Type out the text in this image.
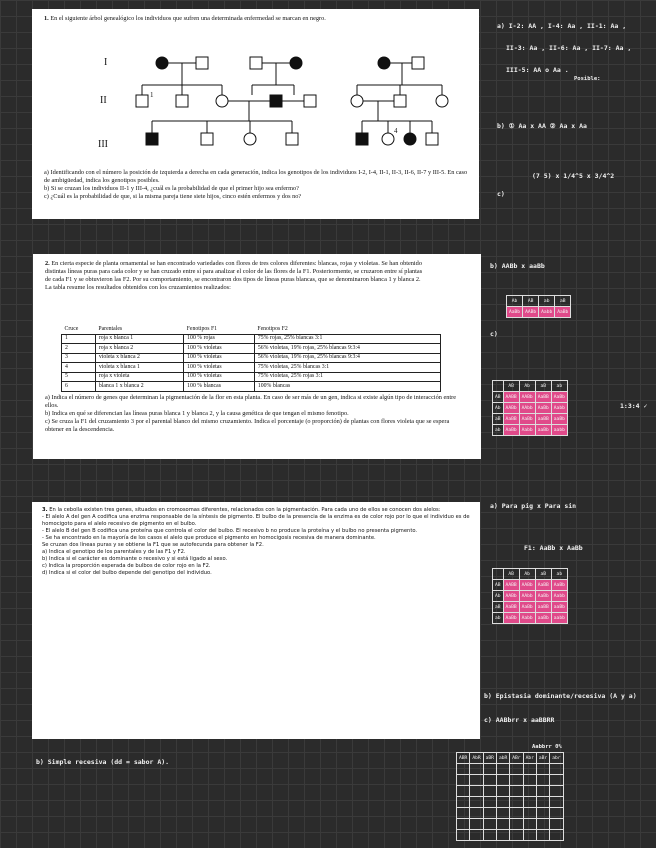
1. En el siguiente árbol genealógico los individuos que sufren una determinada enfermedad se marcan en negro.

I
II
III
1
4

a) Identificando con el número la posición de izquierda a derecha en cada generación, indica los genotipos de los individuos I-2, I-4, II-1, II-3, II-6, II-7 y III-5. En caso de ambigüedad, indica los genotipos posibles.

b) Si se cruzan los individuos II-1 y III-4, ¿cuál es la probabilidad de que el primer hijo sea enfermo?

c) ¿Cuál es la probabilidad de que, si la misma pareja tiene siete hijos, cinco estén enfermos y dos no?

2. En cierta especie de planta ornamental se han encontrado variedades con flores de tres colores diferentes: blancas, rojas y violetas. Se han obtenido distintas líneas puras para cada color y se han cruzado entre sí para analizar el color de las flores de la F1. Posteriormente, se cruzaron entre sí plantas de cada F1 y se obtuvieron las F2. Por su comportamiento, se encontraron dos tipos de líneas puras blancas, que se denominaron blanca 1 y blanca 2. La tabla resume los resultados obtenidos con los cruzamientos realizados:

Cruce	Parentales	Fenotipos F1	Fenotipos F2
1	roja x blanca 1	100 % rojas	75% rojas, 25% blancas 3:1
2	roja x blanca 2	100 % violetas	56% violetas, 19% rojas, 25% blancas 9:3:4
3	violeta x blanca 2	100 % violetas	56% violetas, 19% rojas, 25% blancas 9:3:4
4	violeta x blanca 1	100 % violetas	75% violetas, 25% blancas 3:1
5	roja x violeta	100 % violetas	75% violetas, 25% rojas 3:1
6	blanca 1 x blanca 2	100 % blancas	100% blancas

a) Indica el número de genes que determinan la pigmentación de la flor en esta planta. En caso de ser más de un gen, indica si existe algún tipo de interacción entre ellos.

b) Indica en qué se diferencian las líneas puras blanca 1 y blanca 2, y la causa genética de que tengan el mismo fenotipo.

c) Se cruza la F1 del cruzamiento 3 por el parental blanco del mismo cruzamiento. Indica el porcentaje (o proporción) de plantas con flores violeta que se espera obtener en la descendencia.

3. En la cebolla existen tres genes, situados en cromosomas diferentes, relacionados con la pigmentación. Para cada uno de ellos se conocen dos alelos:

- El alelo A del gen A codifica una enzima responsable de la síntesis de pigmento. El bulbo de la presencia de la enzima es de color rojo por lo que el individuo es de homocigoto para el alelo recesivo de pigmento en el bulbo.

- El alelo B del gen B codifica una proteína que controla el color del bulbo. El recesivo b no produce la proteína y el bulbo no presenta pigmento.

- Se ha encontrado en la mayoría de los casos el alelo que produce el pigmento en homocigosis recesiva de manera dominante.

Se cruzan dos líneas puras y se obtiene la F1 que se autofecunda para obtener la F2.

a) Indica el genotipo de los parentales y de las F1 y F2.

b) Indica si el carácter es dominante o recesivo y si está ligado al sexo.

c) Indica la proporción esperada de bulbos de color rojo en la F2.

d) Indica si el color del bulbo depende del genotipo del individuo.

a) I-2: AA , I-4: Aa , II-1: Aa ,
II-3: Aa , II-6: Aa , II-7: Aa ,
III-5: AA o Aa .
Posible:
b) ① Aa x AA ② Aa x Aa
c)
(7 5) x 1/4^5 x 3/4^2
b) AABb x aaBb
c)
Ab	AB	ab	aB
AaBb	AABb	Aabb	AaBb
	AB	Ab	aB	ab
AB	AABB	AABb	AaBB	AaBb
Ab	AABb	AAbb	AaBb	Aabb
aB	AaBB	AaBb	aaBB	aaBb
ab	AaBb	Aabb	aaBb	aabb
1:3:4 ✓
a) Para pig x Para sin
F1: AaBb x AaBb
	AB	Ab	aB	ab
AB	AABB	AABb	AaBB	AaBb
Ab	AABb	AAbb	AaBb	Aabb
aB	AaBB	AaBb	aaBB	aaBb
ab	AaBb	Aabb	aaBb	aabb
b) Epistasia dominante/recesiva (A y a)
c) AABbrr x aaBBRR
Aabbrr 0%
ABR	AbR	aBR	abR	ABr	Abr	aBr	abr

b) Simple recesiva (dd = sabor A).
